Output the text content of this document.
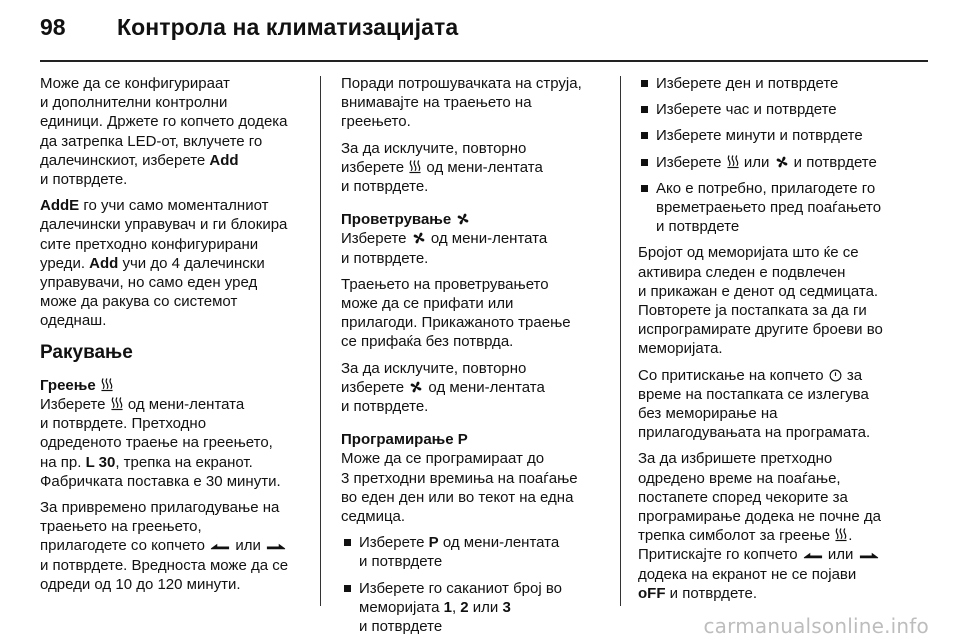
98	Контрола на климатизацијата

Може да се конфигурираат
и дополнителни контролни
единици. Држете го копчето додека
да затрепка LED-от, вклучете го
далечинскиот, изберете Add
и потврдете.

AddE го учи само моменталниот
далечински управувач и ги блокира
сите претходно конфигурирани
уреди. Add учи до 4 далечински
управувачи, но само еден уред
може да ракува со системот
одеднаш.

Ракување
Греење

Изберете  од мени-лентата
и потврдете. Претходно
одреденото траење на греењето,
на пр. L 30, трепка на екранот.
Фабричката поставка е 30 минути.

За привремено прилагодување на
траењето на греењето,
прилагодете со копчето  или
и потврдете. Вредноста може да се
одреди од 10 до 120 минути.

Поради потрошувачката на струја,
внимавајте на траењето на
греењето.

За да исклучите, повторно
изберете  од мени-лентата
и потврдете.

Проветрување

Изберете  од мени-лентата
и потврдете.

Траењето на проветрувањето
може да се прифати или
прилагоди. Прикажаното траење
се прифаќа без потврда.

За да исклучите, повторно
изберете  од мени-лентата
и потврдете.

Програмирање P

Може да се програмираат до
3 претходни времиња на поаѓање
во еден ден или во текот на една
седмица.

Изберете P од мени-лентата
и потврдете
Изберете го саканиот број во
меморијата 1, 2 или 3
и потврдете
Изберете ден и потврдете
Изберете час и потврдете
Изберете минути и потврдете
Изберете  или  и потврдете
Ако е потребно, прилагодете го
времетраењето пред поаѓањето
и потврдете

Бројот од меморијата што ќе се
активира следен е подвлечен
и прикажан е денот од седмицата.
Повторете ја постапката за да ги
испрограмирате другите броеви во
меморијата.

Со притискање на копчето  за
време на постапката се излегува
без меморирање на
прилагодувањата на програмата.

За да избришете претходно
одредено време на поаѓање,
постапете според чекорите за
програмирање додека не почне да
трепка симболот за греење .
Притискајте го копчето  или
додека на екранот не се појави
oFF и потврдете.

carmanualsonline.info
